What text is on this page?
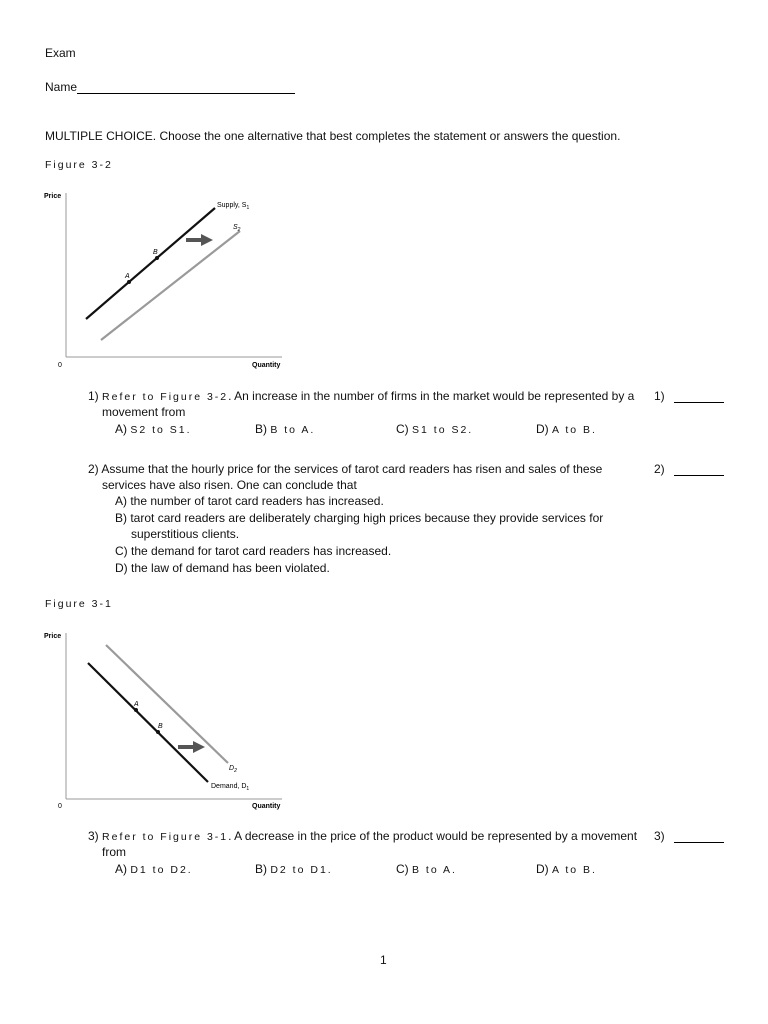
Exam
Name
MULTIPLE CHOICE. Choose the one alternative that best completes the statement or answers the question.
Figure 3-2
Price
Quantity
0
A
B
Supply, $S_1$
$S_2$
1) Refer to Figure 3-2. An increase in the number of firms in the market would be represented by a
movement from
A) S2 to S1.	B) B to A.	C) S1 to S2.	D) A to B.
1)
2) Assume that the hourly price for the services of tarot card readers has risen and sales of these
services have also risen. One can conclude that
A) the number of tarot card readers has increased.
B) tarot card readers are deliberately charging high prices because they provide services for
superstitious clients.
C) the demand for tarot card readers has increased.
D) the law of demand has been violated.
2)
Figure 3-1
Price
Quantity
0
A
B
$D_2$
Demand, $D_1$
3) Refer to Figure 3-1. A decrease in the price of the product would be represented by a movement
from
A) D1 to D2.	B) D2 to D1.	C) B to A.	D) A to B.
3)
1
